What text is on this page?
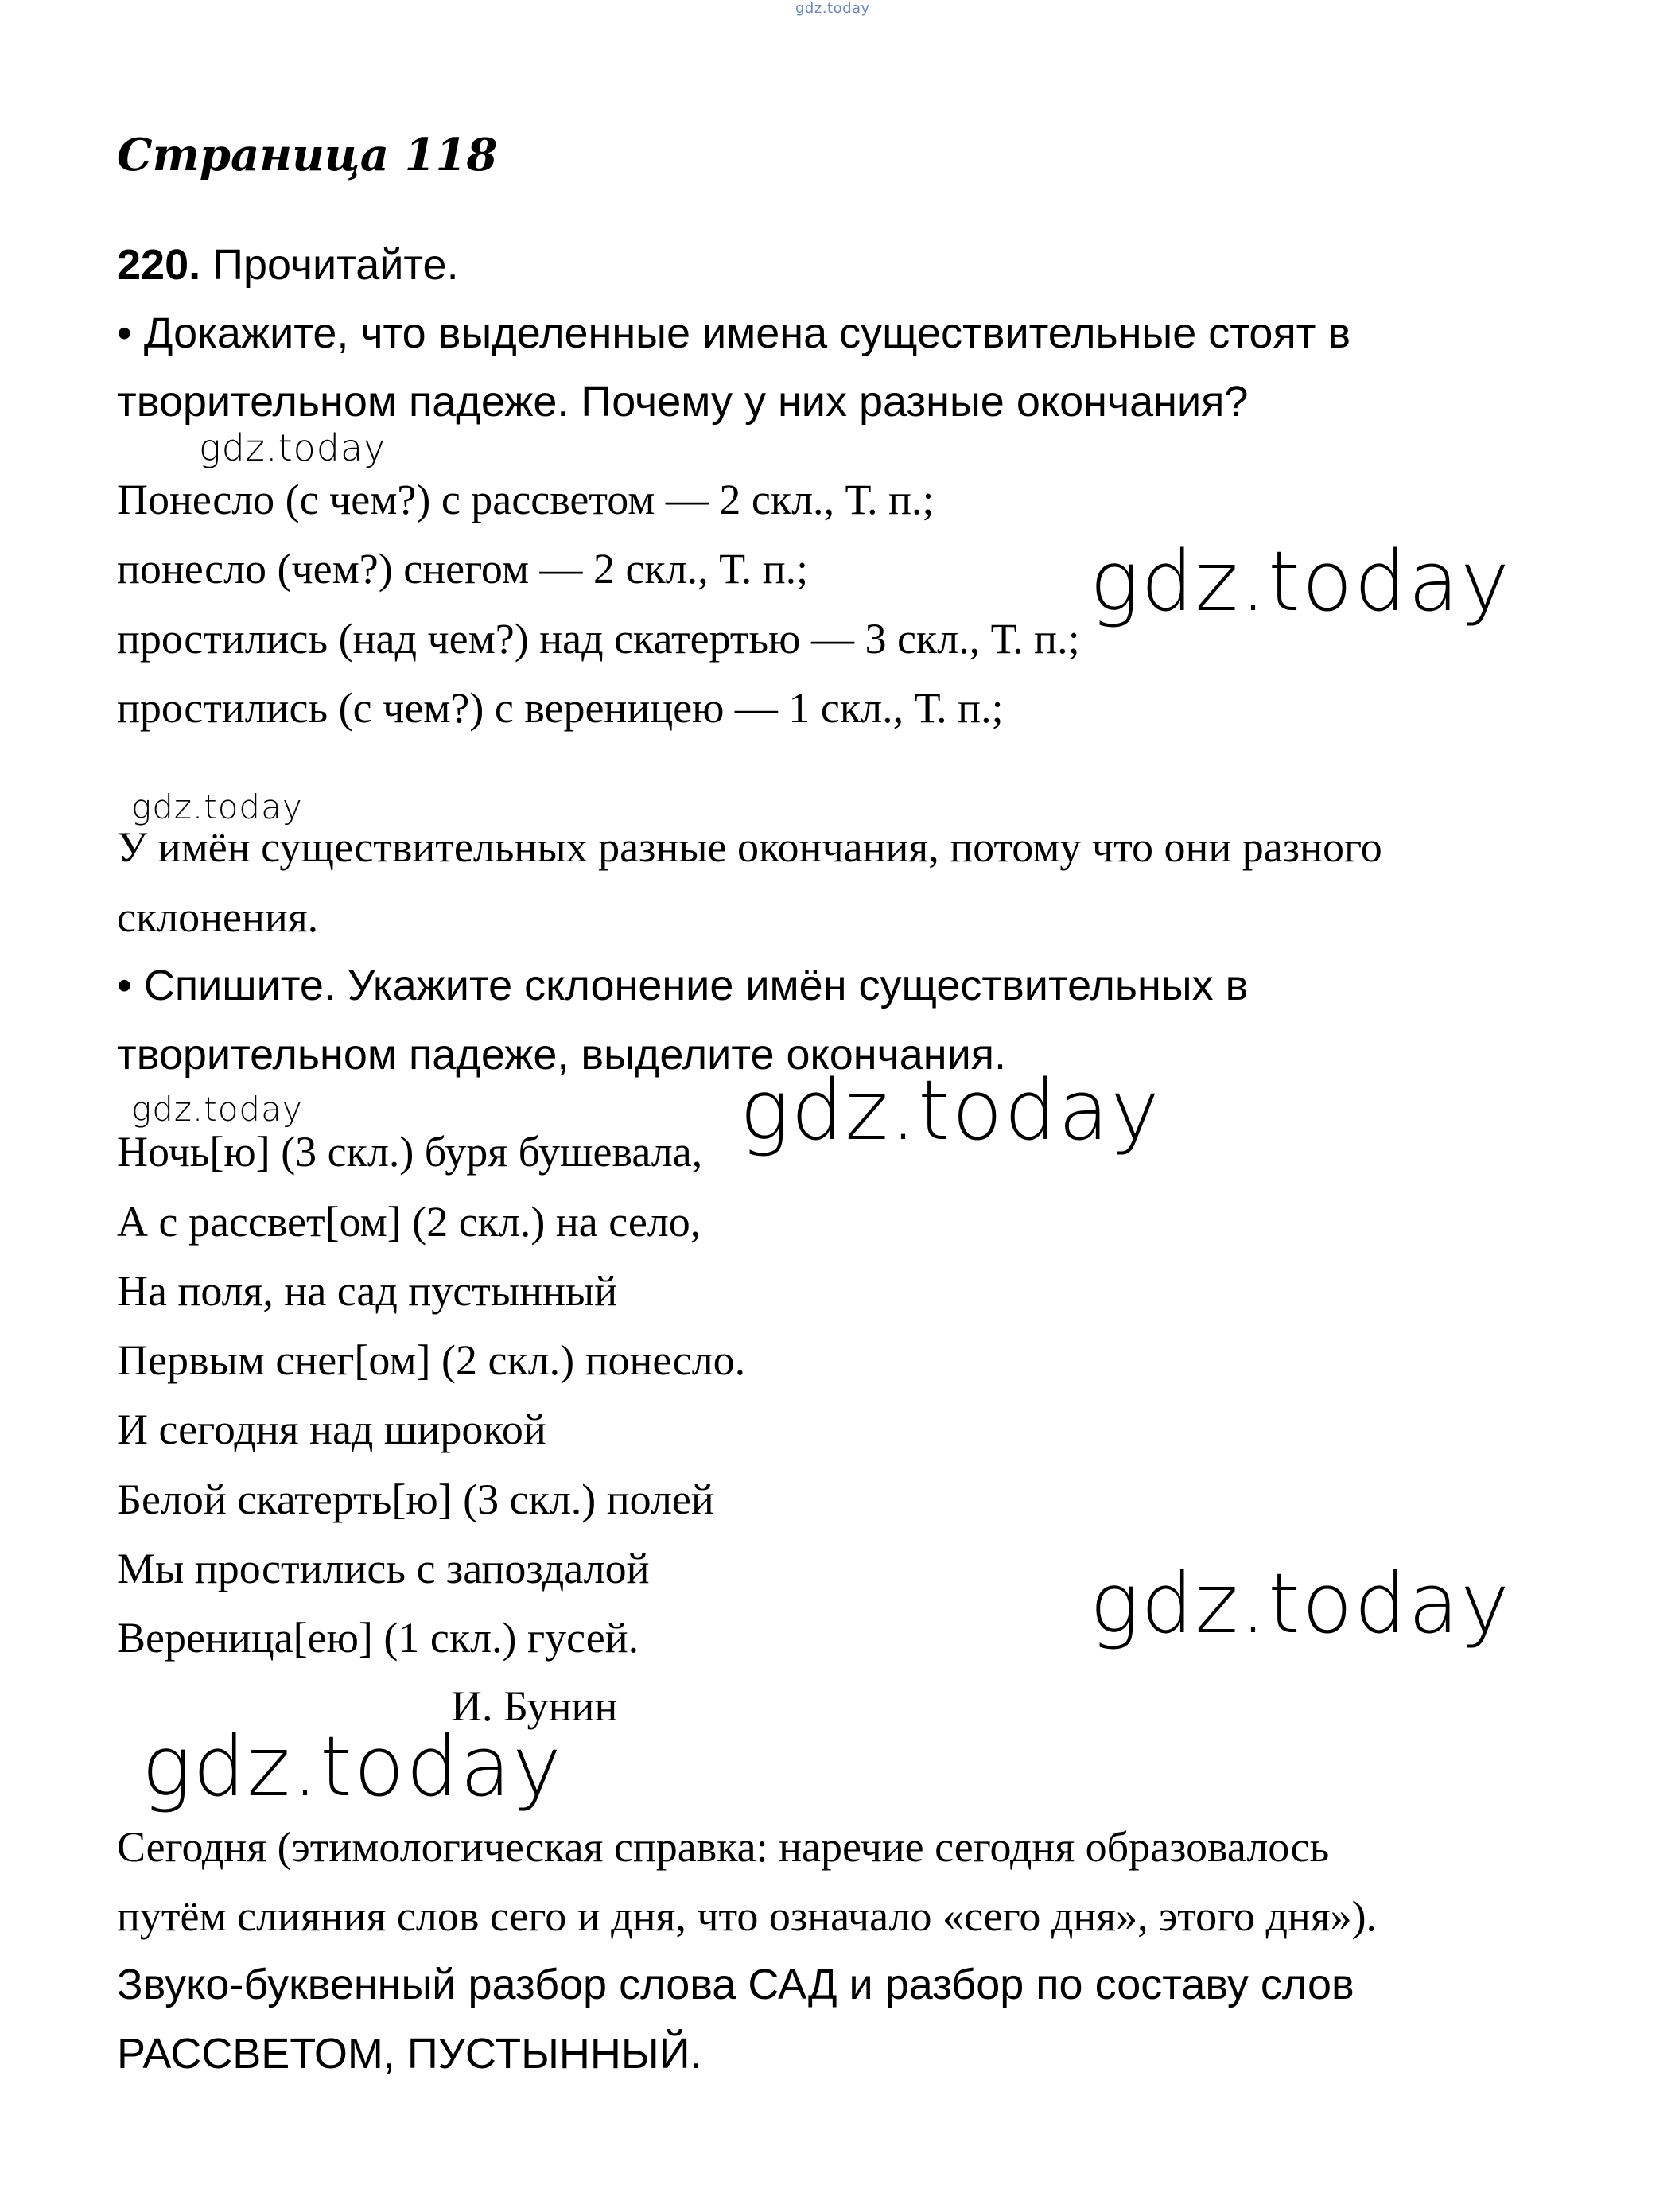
gdz.today
Страница 118
220. Прочитайте.
• Докажите, что выделенные имена существительные стоят в
творительном падеже. Почему у них разные окончания?
gdz.today
Понесло (с чем?) с рассветом — 2 скл., Т. п.;
понесло (чем?) снегом — 2 скл., Т. п.;
простились (над чем?) над скатертью — 3 скл., Т. п.;
простились (с чем?) с вереницею — 1 скл., Т. п.;
gdz.today
gdz.today
У имён существительных разные окончания, потому что они разного
склонения.
• Спишите. Укажите склонение имён существительных в
творительном падеже, выделите окончания.
gdz.today	gdz.today
Ночь[ю] (3 скл.) буря бушевала,
А с рассвет[ом] (2 скл.) на село,
На поля, на сад пустынный
Первым снег[ом] (2 скл.) понесло.
И сегодня над широкой
Белой скатерть[ю] (3 скл.) полей
Мы простились с запоздалой
Вереница[ею] (1 скл.) гусей.	gdz.today
И. Бунин
gdz.today
Сегодня (этимологическая справка: наречие сегодня образовалось
путём слияния слов сего и дня, что означало «сего дня», этого дня»).
Звуко-буквенный разбор слова САД и разбор по составу слов
РАССВЕТОМ, ПУСТЫННЫЙ.
